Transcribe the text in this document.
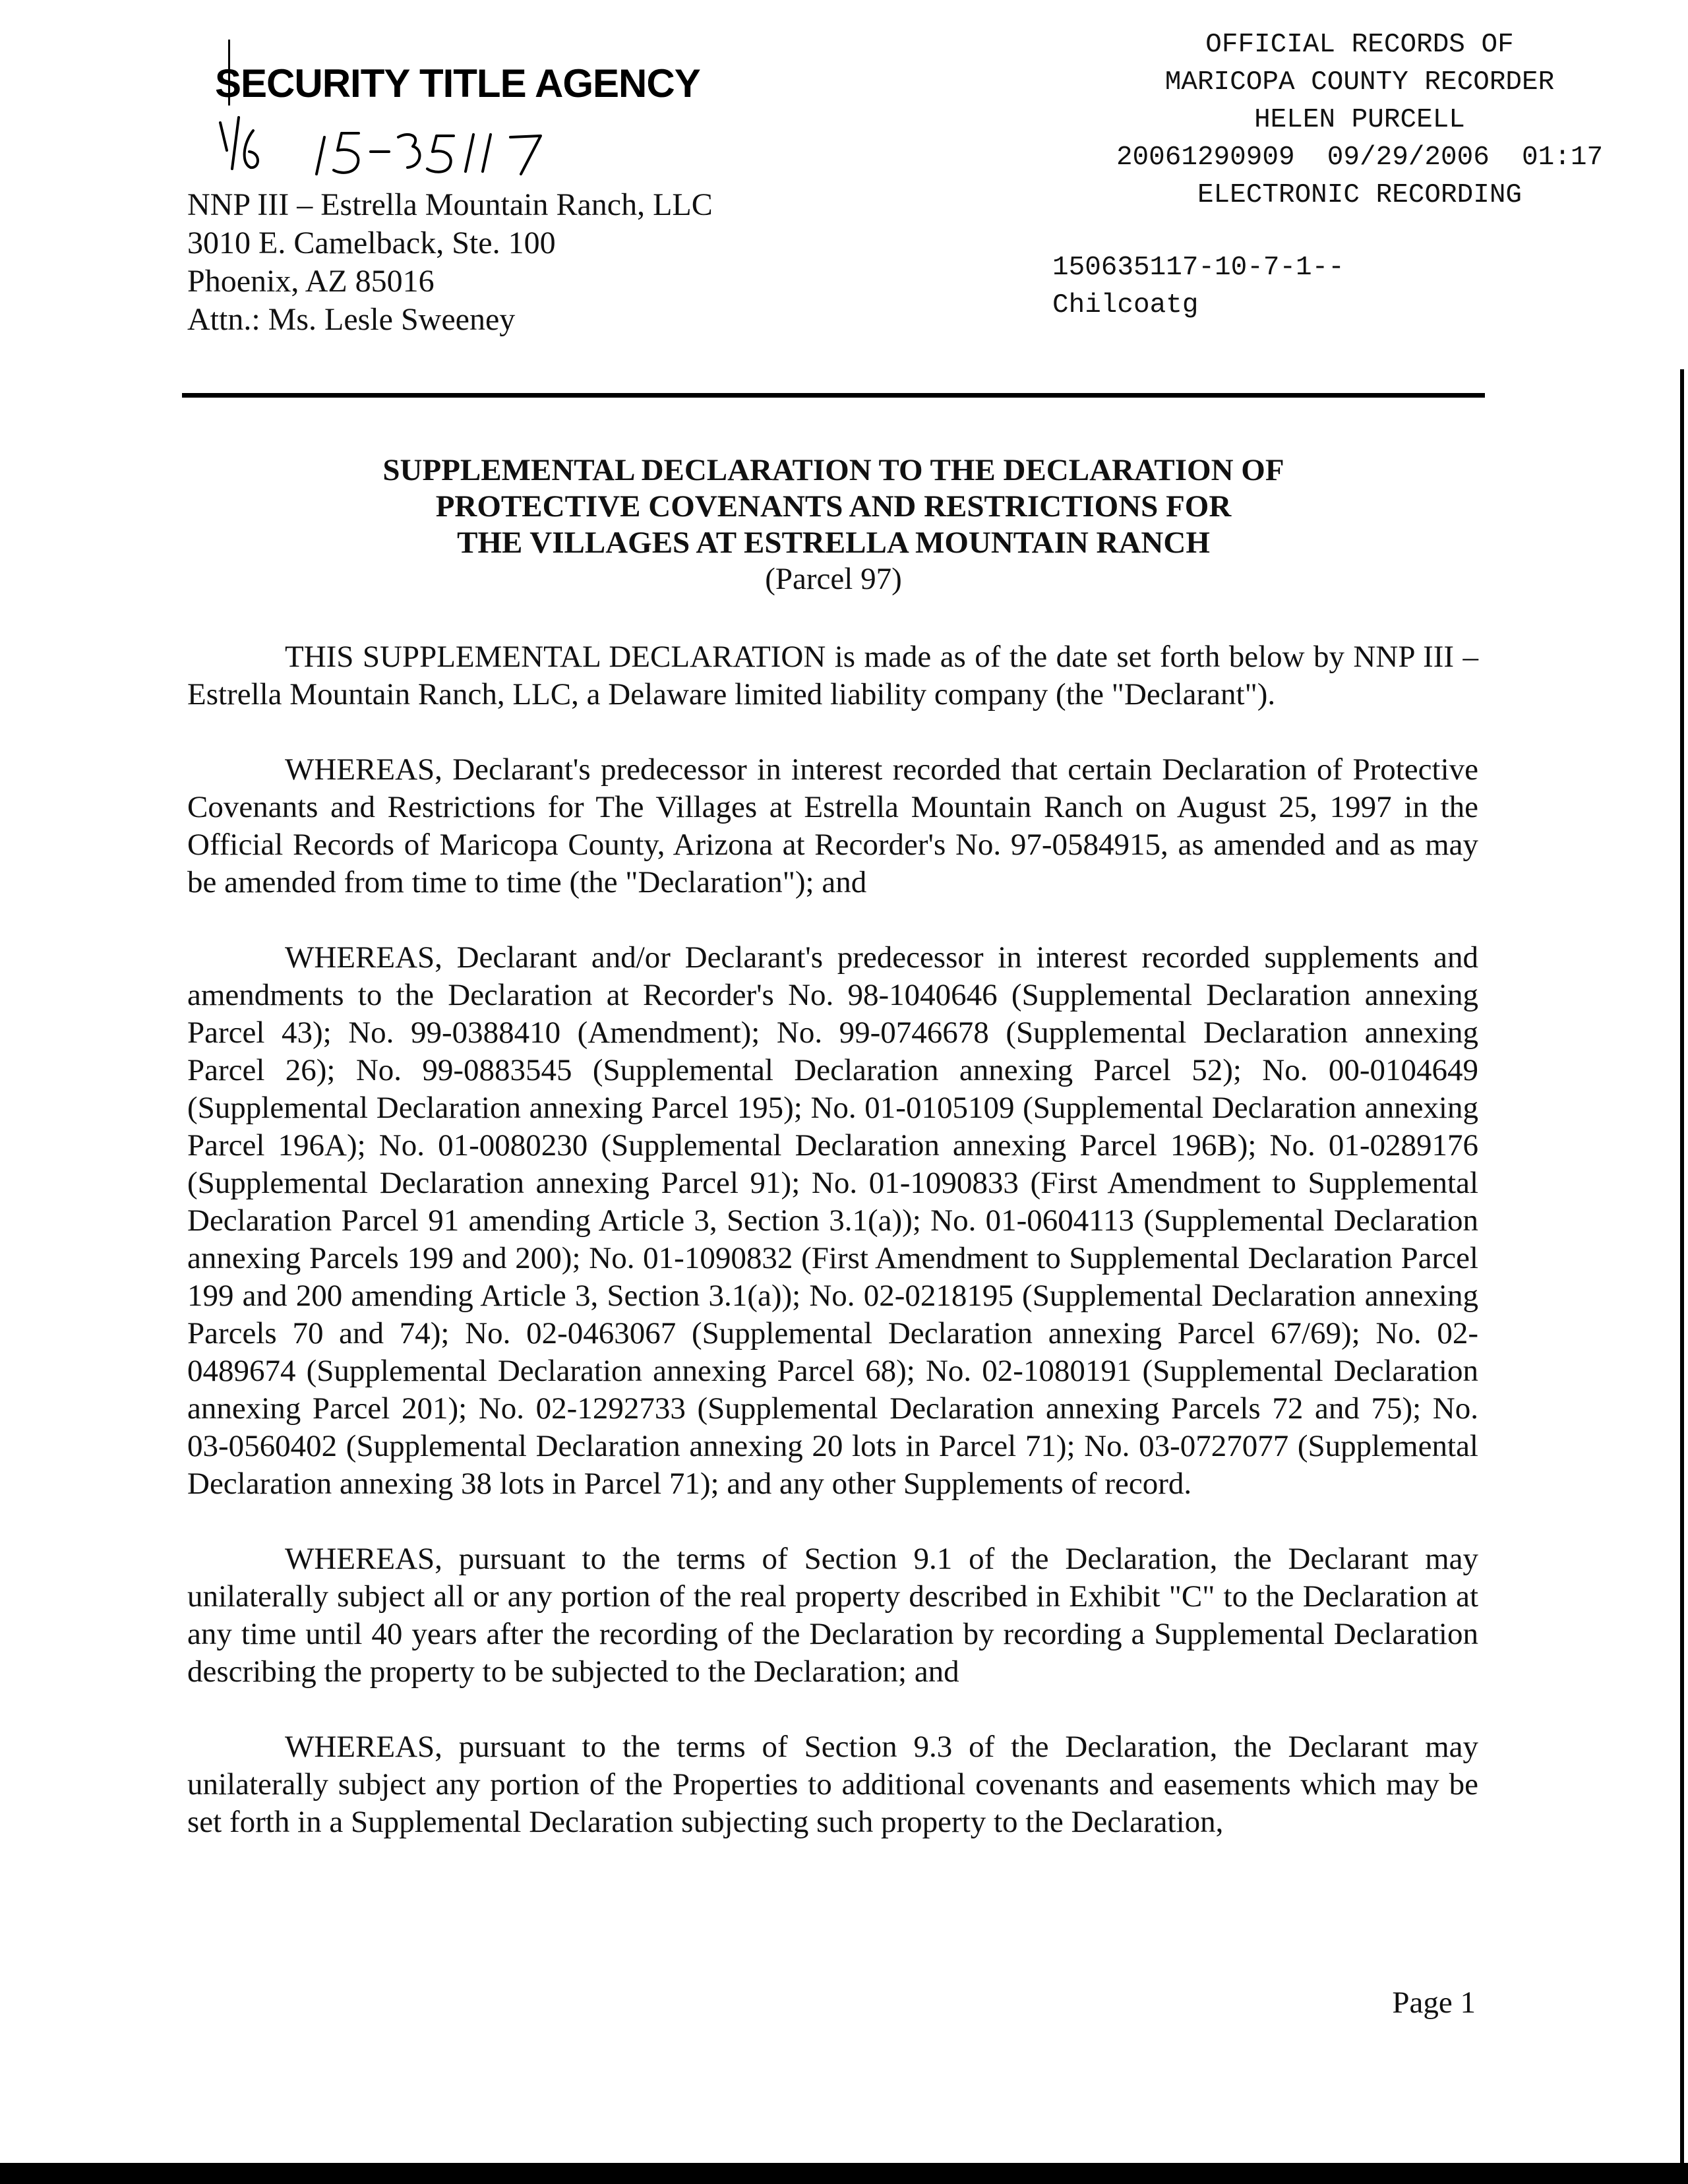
SECURITY TITLE AGENCY
NNP III – Estrella Mountain Ranch, LLC
3010 E. Camelback, Ste. 100
Phoenix, AZ 85016
Attn.: Ms. Lesle Sweeney
OFFICIAL RECORDS OF
MARICOPA COUNTY RECORDER
HELEN PURCELL
20061290909  09/29/2006  01:17
ELECTRONIC RECORDING
150635117-10-7-1--
Chilcoatg
SUPPLEMENTAL DECLARATION TO THE DECLARATION OF
PROTECTIVE COVENANTS AND RESTRICTIONS FOR
THE VILLAGES AT ESTRELLA MOUNTAIN RANCH
(Parcel 97)

THIS SUPPLEMENTAL DECLARATION is made as of the date set forth below by NNP III – Estrella Mountain Ranch, LLC, a Delaware limited liability company (the "Declarant").

WHEREAS, Declarant's predecessor in interest recorded that certain Declaration of Protective Covenants and Restrictions for The Villages at Estrella Mountain Ranch on August 25, 1997 in the Official Records of Maricopa County, Arizona at Recorder's No. 97-0584915, as amended and as may be amended from time to time (the "Declaration"); and

WHEREAS, Declarant and/or Declarant's predecessor in interest recorded supplements and amendments to the Declaration at Recorder's No. 98-1040646 (Supplemental Declaration annexing Parcel 43); No. 99-0388410 (Amendment); No. 99-0746678 (Supplemental Declaration annexing Parcel 26); No. 99-0883545 (Supplemental Declaration annexing Parcel 52); No. 00-0104649 (Supplemental Declaration annexing Parcel 195); No. 01-0105109 (Supplemental Declaration annexing Parcel 196A); No. 01-0080230 (Supplemental Declaration annexing Parcel 196B); No. 01-0289176 (Supplemental Declaration annexing Parcel 91); No. 01-1090833 (First Amendment to Supplemental Declaration Parcel 91 amending Article 3, Section 3.1(a)); No. 01-0604113 (Supplemental Declaration annexing Parcels 199 and 200); No. 01-1090832 (First Amendment to Supplemental Declaration Parcel 199 and 200 amending Article 3, Section 3.1(a)); No. 02-0218195 (Supplemental Declaration annexing Parcels 70 and 74); No. 02-0463067 (Supplemental Declaration annexing Parcel 67/69); No. 02-0489674 (Supplemental Declaration annexing Parcel 68); No. 02-1080191 (Supplemental Declaration annexing Parcel 201); No. 02-1292733 (Supplemental Declaration annexing Parcels 72 and 75); No. 03-0560402 (Supplemental Declaration annexing 20 lots in Parcel 71); No. 03-0727077 (Supplemental Declaration annexing 38 lots in Parcel 71); and any other Supplements of record.

WHEREAS, pursuant to the terms of Section 9.1 of the Declaration, the Declarant may unilaterally subject all or any portion of the real property described in Exhibit "C" to the Declaration at any time until 40 years after the recording of the Declaration by recording a Supplemental Declaration describing the property to be subjected to the Declaration; and

WHEREAS, pursuant to the terms of Section 9.3 of the Declaration, the Declarant may unilaterally subject any portion of the Properties to additional covenants and easements which may be set forth in a Supplemental Declaration subjecting such property to the Declaration,

Page 1
